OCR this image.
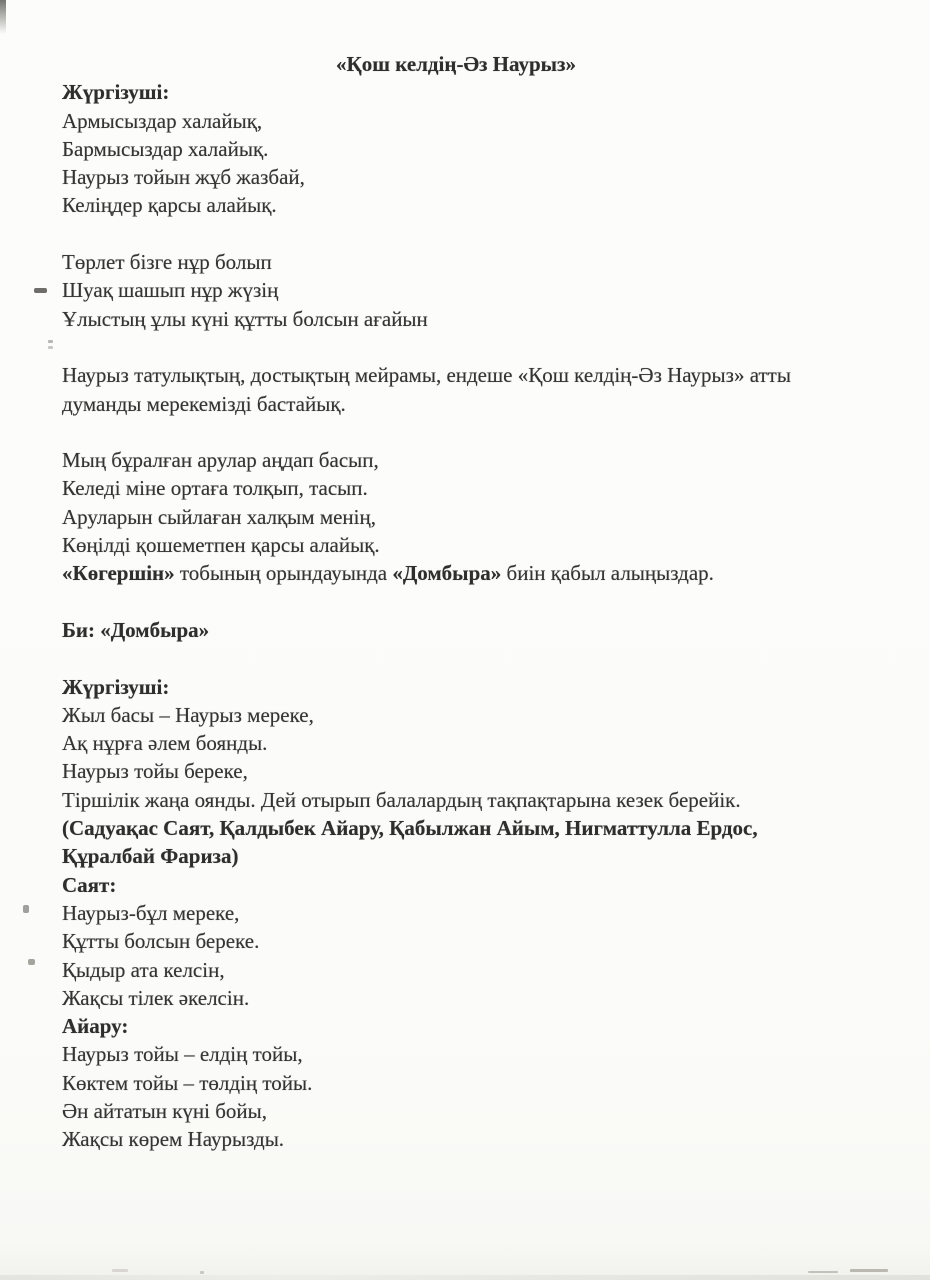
«Қош келдің-Әз Наурыз»
Жүргізуші:
Армысыздар халайық,
Бармысыздар халайық.
Наурыз тойын жұб жазбай,
Келіңдер қарсы алайық.
Төрлет бізге нұр болып
Шуақ шашып нұр жүзің
Ұлыстың ұлы күні құтты болсын ағайын
Наурыз татулықтың, достықтың мейрамы, ендеше «Қош келдің-Әз Наурыз» атты
думанды мерекемізді бастайық.
Мың бұралған арулар аңдап басып,
Келеді міне ортаға толқып, тасып.
Аруларын сыйлаған халқым менің,
Көңілді қошеметпен қарсы алайық.
«Көгершін» тобының орындауында «Домбыра» биін қабыл алыңыздар.
Би: «Домбыра»
Жүргізуші:
Жыл басы – Наурыз мереке,
Ақ нұрға әлем боянды.
Наурыз тойы береке,
Тіршілік жаңа оянды. Дей отырып балалардың тақпақтарына кезек берейік.
(Садуақас Саят, Қалдыбек Айару, Қабылжан Айым, Нигматтулла Ердос,
Құралбай Фариза)
Саят:
Наурыз-бұл мереке,
Құтты болсын береке.
Қыдыр ата келсін,
Жақсы тілек әкелсін.
Айару:
Наурыз тойы – елдің тойы,
Көктем тойы – төлдің тойы.
Ән айтатын күні бойы,
Жақсы көрем Наурызды.
